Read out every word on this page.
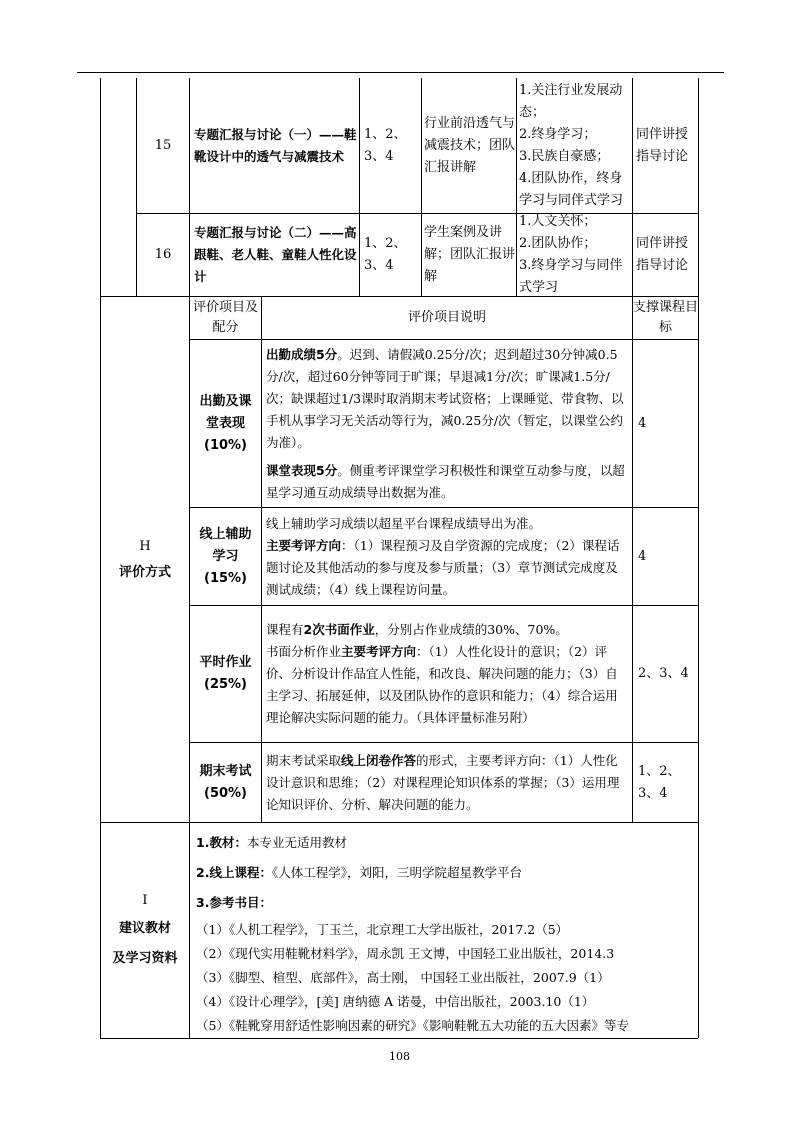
15
专题汇报与讨论（一）——鞋靴设计中的透气与减震技术
1、2、3、4
行业前沿透气与减震技术；团队汇报讲解

1.关注行业发展动态；

2.终身学习；

3.民族自豪感；

4.团队协作，终身学习与同伴式学习

同伴讲授指导讨论
16
专题汇报与讨论（二）——高跟鞋、老人鞋、童鞋人性化设计
1、2、3、4
学生案例及讲解；团队汇报讲解

1.人文关怀；

2.团队协作；

3.终身学习与同伴式学习

同伴讲授指导讨论

H

评价方式

评价项目及配分
评价项目说明
支撑课程目标

出勤及课堂表现

(10%)

出勤成绩5分。迟到、请假减0.25分/次；迟到超过30分钟减0.5分/次，超过60分钟等同于旷课；早退减1分/次；旷课减1.5分/次；缺课超过1/3课时取消期末考试资格；上课睡觉、带食物、以手机从事学习无关活动等行为，减0.25分/次（暂定，以课堂公约为准）。

课堂表现5分。侧重考评课堂学习积极性和课堂互动参与度，以超星学习通互动成绩导出数据为准。

4

线上辅助学习

(15%)

线上辅助学习成绩以超星平台课程成绩导出为准。

主要考评方向：（1）课程预习及自学资源的完成度；（2）课程话题讨论及其他活动的参与度及参与质量；（3）章节测试完成度及测试成绩；（4）线上课程访问量。

4

平时作业

(25%)

课程有2次书面作业，分别占作业成绩的30%、70%。

书面分析作业主要考评方向：（1）人性化设计的意识；（2）评价、分析设计作品宜人性能，和改良、解决问题的能力；（3）自主学习、拓展延伸，以及团队协作的意识和能力；（4）综合运用理论解决实际问题的能力。（具体评量标准另附）

2、3、4

期末考试

(50%)

期末考试采取线上闭卷作答的形式，主要考评方向：（1）人性化设计意识和思维；（2）对课程理论知识体系的掌握；（3）运用理论知识评价、分析、解决问题的能力。

1、2、3、4

I

建议教材

及学习资料

1.教材：本专业无适用教材

2.线上课程：《人体工程学》，刘阳，三明学院超星教学平台

3.参考书目：

（1）《人机工程学》，丁玉兰，北京理工大学出版社，2017.2（5）

（2）《现代实用鞋靴材料学》，周永凯 王文博，中国轻工业出版社，2014.3

（3）《脚型、楦型、底部件》，高士刚， 中国轻工业出版社，2007.9（1）

（4）《设计心理学》，[美] 唐纳德 A 诺曼，中信出版社，2003.10（1）

（5）《鞋靴穿用舒适性影响因素的研究》《影响鞋靴五大功能的五大因素》等专

108
